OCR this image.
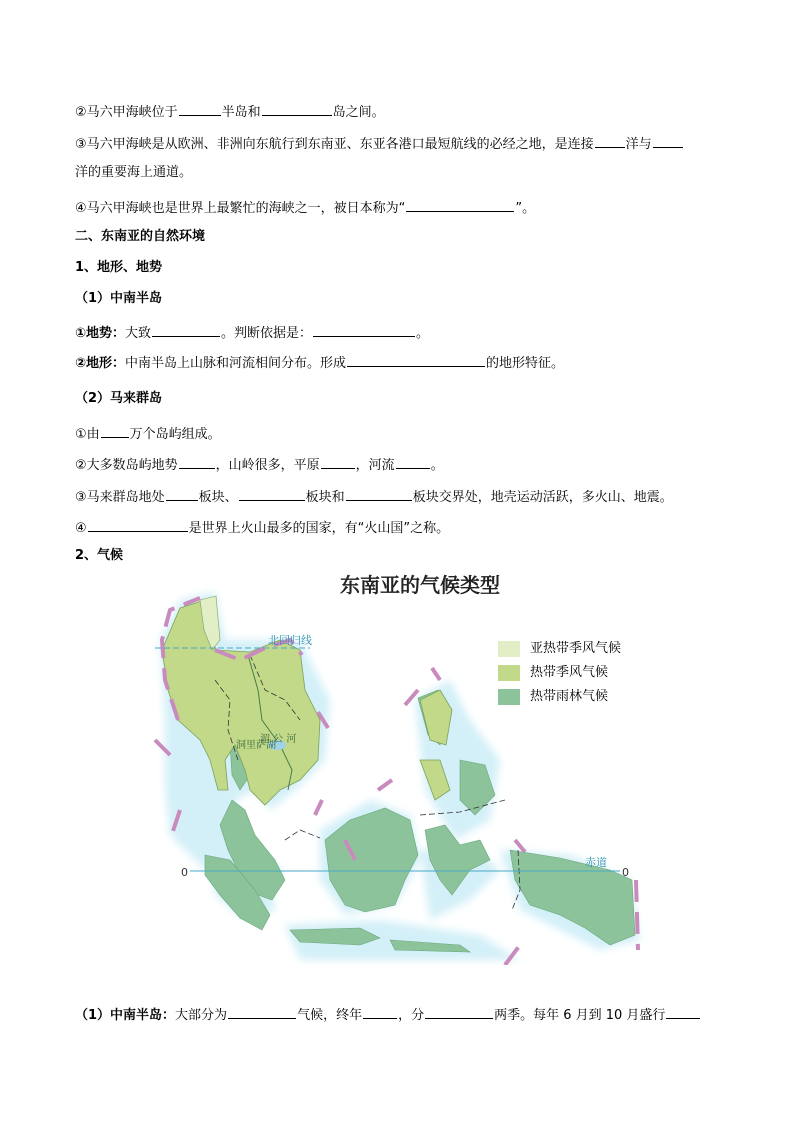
②马六甲海峡位于	半岛和	岛之间。
③马六甲海峡是从欧洲、非洲向东航行到东南亚、东亚各港口最短航线的必经之地，是连接 洋与
洋的重要海上通道。
④马六甲海峡也是世界上最繁忙的海峡之一，被日本称为“	”。
二、东南亚的自然环境
1、地形、地势
（1）中南半岛
①地势：大致	。判断依据是：	。
②地形：中南半岛上山脉和河流相间分布。形成	的地形特征。
（2）马来群岛
①由 万个岛屿组成。
②大多数岛屿地势	，山岭很多，平原	，河流	。
③马来群岛地处	板块、	板块和	板块交界处，地壳运动活跃，多火山、地震。
④	是世界上火山最多的国家，有“火山国”之称。
2、气候
东南亚的气候类型
湄 公 河
洞里萨湖
北回归线
赤道
0	0
亚热带季风气候
热带季风气候
热带雨林气候
（1）中南半岛：大部分为	气候，终年	，分	两季。每年 6 月到 10 月盛行
